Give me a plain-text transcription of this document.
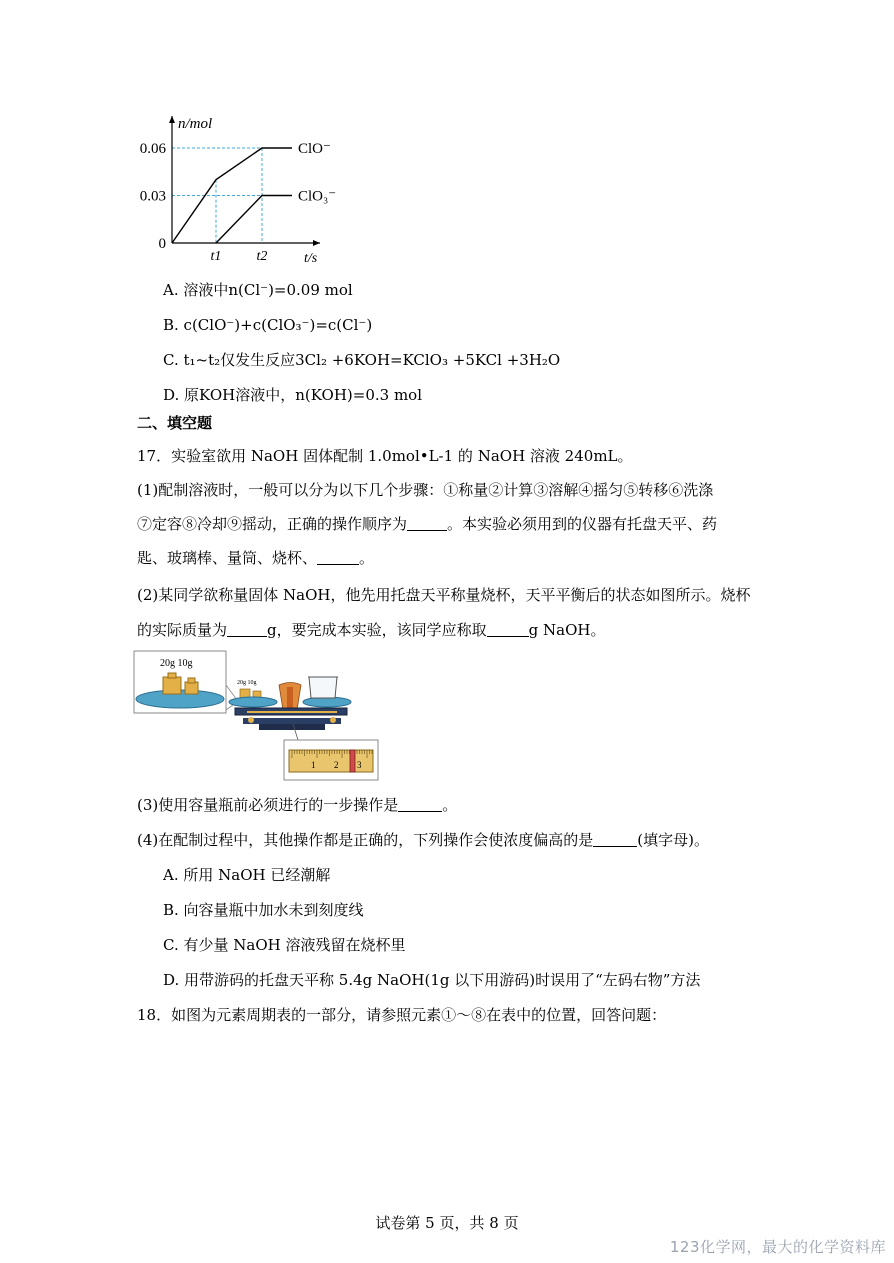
ClO⁻
ClO₃⁻
0.06
0.03
0
t1	t2
n/mol
t/s
A. 溶液中n(Cl⁻)=0.09 mol
B. c(ClO⁻)+c(ClO₃⁻)=c(Cl⁻)
C. t₁~t₂仅发生反应3Cl₂ +6KOH=KClO₃ +5KCl +3H₂O
D. 原KOH溶液中，n(KOH)=0.3 mol
二、填空题
17．实验室欲用 NaOH 固体配制 1.0mol•L-1 的 NaOH 溶液 240mL。
(1)配制溶液时，一般可以分为以下几个步骤：①称量②计算③溶解④摇匀⑤转移⑥洗涤
⑦定容⑧冷却⑨摇动，正确的操作顺序为	。本实验必须用到的仪器有托盘天平、药
匙、玻璃棒、量筒、烧杯、	。
(2)某同学欲称量固体 NaOH，他先用托盘天平称量烧杯，天平平衡后的状态如图所示。烧杯
的实际质量为	g，要完成本实验，该同学应称取	g NaOH。
20g 10g
20g 10g
1 2 3
(3)使用容量瓶前必须进行的一步操作是	。
(4)在配制过程中，其他操作都是正确的，下列操作会使浓度偏高的是	(填字母)。
A. 所用 NaOH 已经潮解
B. 向容量瓶中加水未到刻度线
C. 有少量 NaOH 溶液残留在烧杯里
D. 用带游码的托盘天平称 5.4g NaOH(1g 以下用游码)时误用了“左码右物”方法
18．如图为元素周期表的一部分，请参照元素①～⑧在表中的位置，回答问题：
试卷第 5 页，共 8 页
123化学网，最大的化学资料库
